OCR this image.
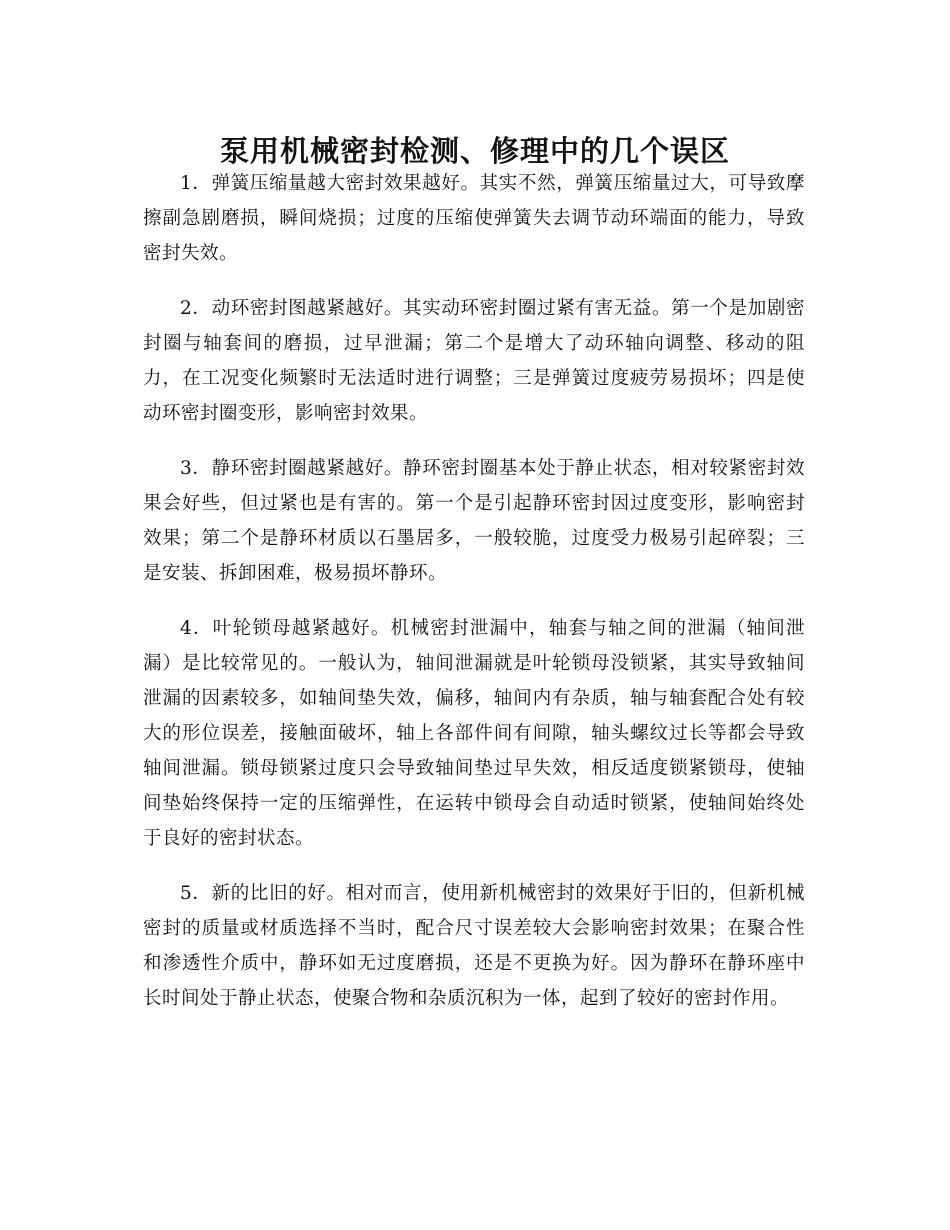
泵用机械密封检测、修理中的几个误区

1．弹簧压缩量越大密封效果越好。其实不然，弹簧压缩量过大，可导致摩擦副急剧磨损，瞬间烧损；过度的压缩使弹簧失去调节动环端面的能力，导致密封失效。

2．动环密封图越紧越好。其实动环密封圈过紧有害无益。第一个是加剧密封圈与轴套间的磨损，过早泄漏；第二个是增大了动环轴向调整、移动的阻力，在工况变化频繁时无法适时进行调整；三是弹簧过度疲劳易损坏；四是使动环密封圈变形，影响密封效果。

3．静环密封圈越紧越好。静环密封圈基本处于静止状态，相对较紧密封效果会好些，但过紧也是有害的。第一个是引起静环密封因过度变形，影响密封效果；第二个是静环材质以石墨居多，一般较脆，过度受力极易引起碎裂；三是安装、拆卸困难，极易损坏静环。

4．叶轮锁母越紧越好。机械密封泄漏中，轴套与轴之间的泄漏（轴间泄漏）是比较常见的。一般认为，轴间泄漏就是叶轮锁母没锁紧，其实导致轴间泄漏的因素较多，如轴间垫失效，偏移，轴间内有杂质，轴与轴套配合处有较大的形位误差，接触面破坏，轴上各部件间有间隙，轴头螺纹过长等都会导致轴间泄漏。锁母锁紧过度只会导致轴间垫过早失效，相反适度锁紧锁母，使轴间垫始终保持一定的压缩弹性，在运转中锁母会自动适时锁紧，使轴间始终处于良好的密封状态。

5．新的比旧的好。相对而言，使用新机械密封的效果好于旧的，但新机械密封的质量或材质选择不当时，配合尺寸误差较大会影响密封效果；在聚合性和渗透性介质中，静环如无过度磨损，还是不更换为好。因为静环在静环座中长时间处于静止状态，使聚合物和杂质沉积为一体，起到了较好的密封作用。
